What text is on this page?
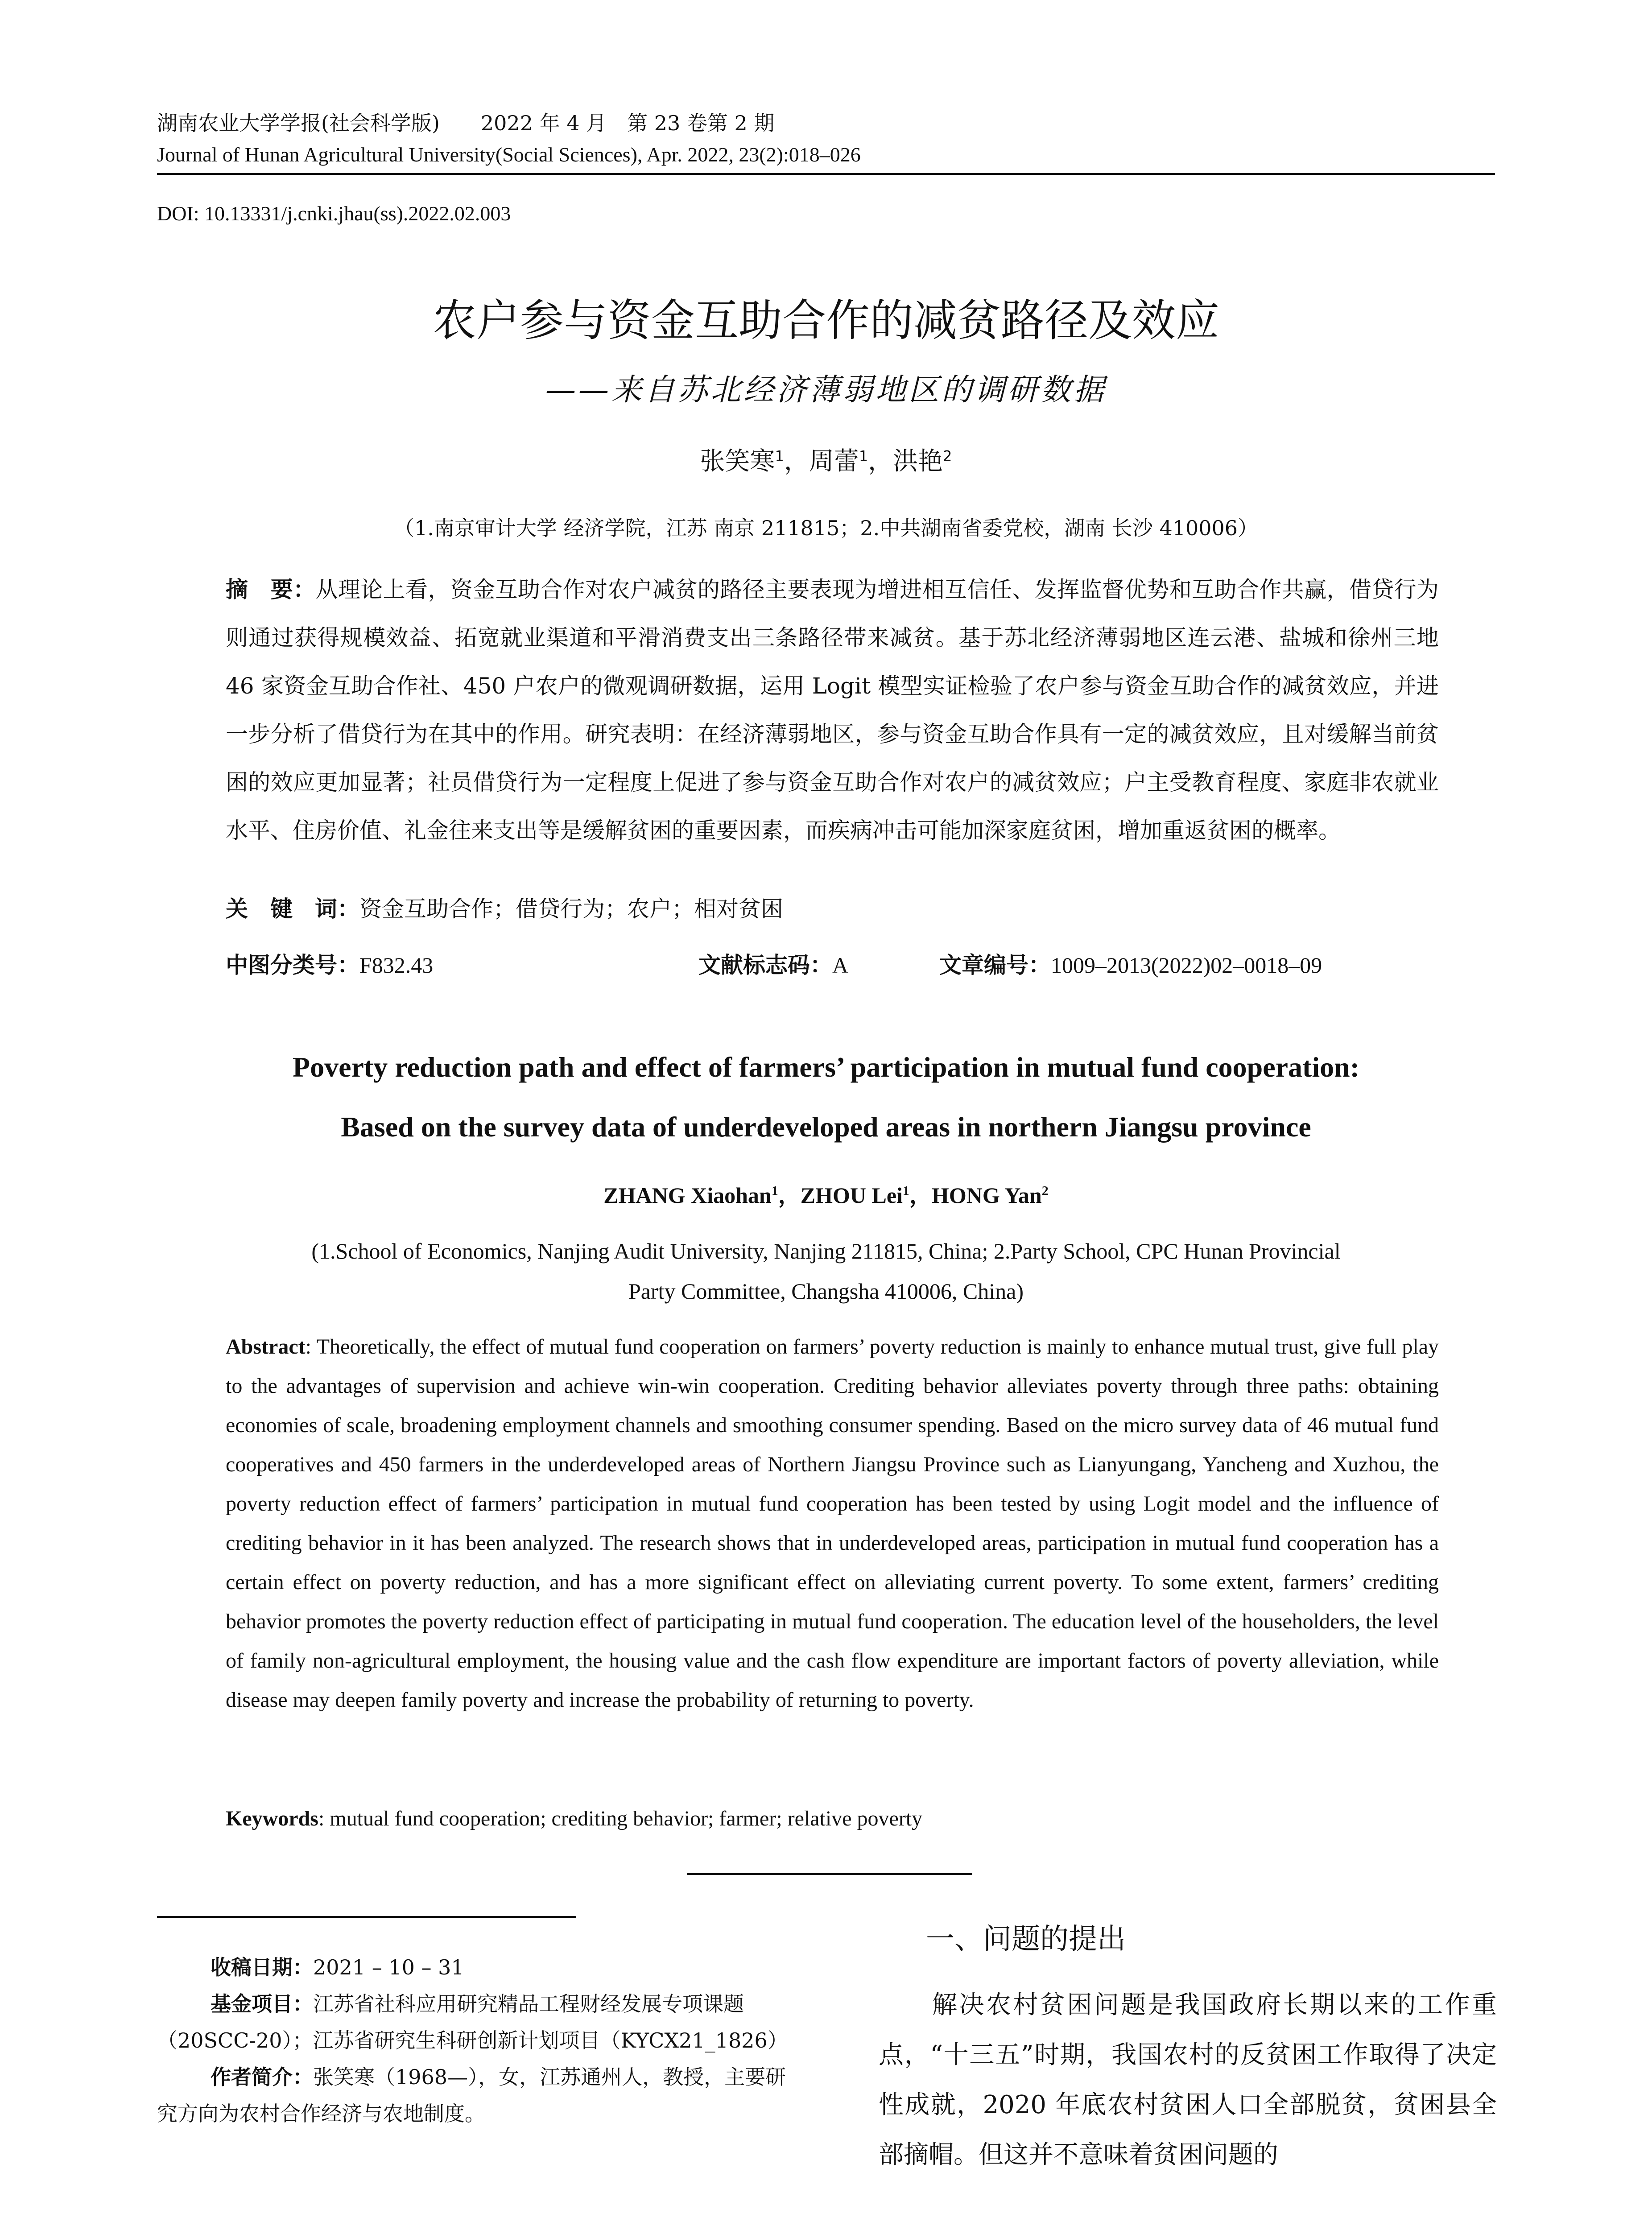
湖南农业大学学报(社会科学版)　　2022 年 4 月　第 23 卷第 2 期
Journal of Hunan Agricultural University(Social Sciences), Apr. 2022, 23(2):018–026
DOI: 10.13331/j.cnki.jhau(ss).2022.02.003
农户参与资金互助合作的减贫路径及效应
——来自苏北经济薄弱地区的调研数据
张笑寒$^1$，周蕾$^1$，洪艳$^2$
（1.南京审计大学 经济学院，江苏 南京 211815；2.中共湖南省委党校，湖南 长沙 410006）
摘　要：从理论上看，资金互助合作对农户减贫的路径主要表现为增进相互信任、发挥监督优势和互助合作共赢，借贷行为则通过获得规模效益、拓宽就业渠道和平滑消费支出三条路径带来减贫。基于苏北经济薄弱地区连云港、盐城和徐州三地 46 家资金互助合作社、450 户农户的微观调研数据，运用 Logit 模型实证检验了农户参与资金互助合作的减贫效应，并进一步分析了借贷行为在其中的作用。研究表明：在经济薄弱地区，参与资金互助合作具有一定的减贫效应，且对缓解当前贫困的效应更加显著；社员借贷行为一定程度上促进了参与资金互助合作对农户的减贫效应；户主受教育程度、家庭非农就业水平、住房价值、礼金往来支出等是缓解贫困的重要因素，而疾病冲击可能加深家庭贫困，增加重返贫困的概率。
关　键　词：资金互助合作；借贷行为；农户；相对贫困
中图分类号：F832.43	文献标志码：A	文章编号：1009–2013(2022)02–0018–09
Poverty reduction path and effect of farmers’ participation in mutual fund cooperation:
Based on the survey data of underdeveloped areas in northern Jiangsu province
ZHANG Xiaohan$^1$，ZHOU Lei$^1$，HONG Yan$^2$
(1.School of Economics, Nanjing Audit University, Nanjing 211815, China; 2.Party School, CPC Hunan Provincial
Party Committee, Changsha 410006, China)
Abstract: Theoretically, the effect of mutual fund cooperation on farmers’ poverty reduction is mainly to enhance mutual trust, give full play to the advantages of supervision and achieve win-win cooperation. Crediting behavior alleviates poverty through three paths: obtaining economies of scale, broadening employment channels and smoothing consumer spending. Based on the micro survey data of 46 mutual fund cooperatives and 450 farmers in the underdeveloped areas of Northern Jiangsu Province such as Lianyungang, Yancheng and Xuzhou, the poverty reduction effect of farmers’ participation in mutual fund cooperation has been tested by using Logit model and the influence of crediting behavior in it has been analyzed. The research shows that in underdeveloped areas, participation in mutual fund cooperation has a certain effect on poverty reduction, and has a more significant effect on alleviating current poverty. To some extent, farmers’ crediting behavior promotes the poverty reduction effect of participating in mutual fund cooperation. The education level of the householders, the level of family non-agricultural employment, the housing value and the cash flow expenditure are important factors of poverty alleviation, while disease may deepen family poverty and increase the probability of returning to poverty.
Keywords: mutual fund cooperation; crediting behavior; farmer; relative poverty
收稿日期：2021 – 10 – 31
基金项目：江苏省社科应用研究精品工程财经发展专项课题（20SCC-20）；江苏省研究生科研创新计划项目（KYCX21_1826）
作者简介：张笑寒（1968—），女，江苏通州人，教授，主要研究方向为农村合作经济与农地制度。
一、问题的提出
解决农村贫困问题是我国政府长期以来的工作重点，“十三五”时期，我国农村的反贫困工作取得了决定性成就，2020 年底农村贫困人口全部脱贫，贫困县全部摘帽。但这并不意味着贫困问题的
